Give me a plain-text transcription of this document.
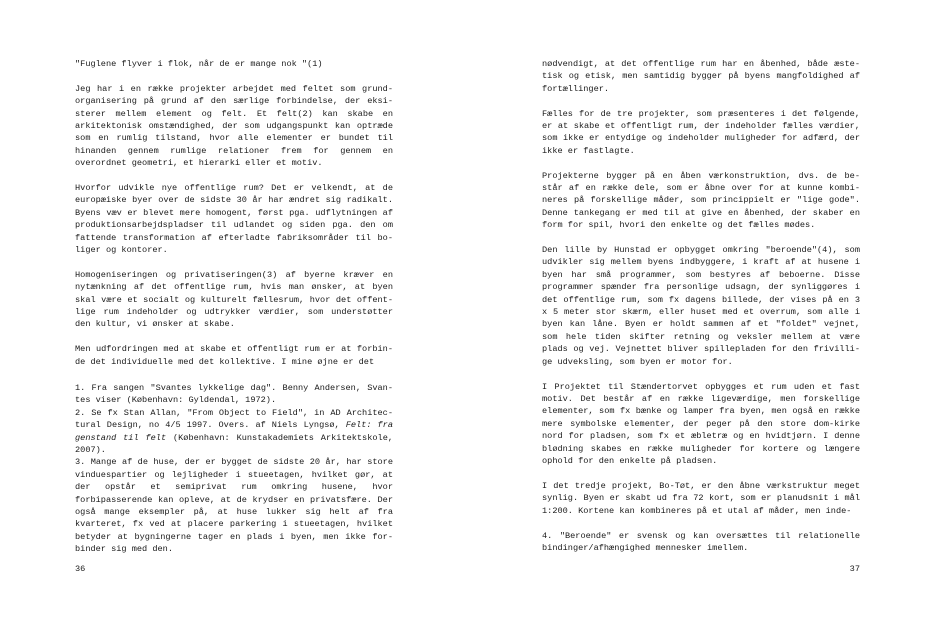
"Fuglene flyver i flok, når de er mange nok "(1)

Jeg har i en række projekter arbejdet med feltet som grund-organisering på grund af den særlige forbindelse, der eksi-sterer mellem element og felt. Et felt(2) kan skabe en arkitektonisk omstændighed, der som udgangspunkt kan optræde som en rumlig tilstand, hvor alle elementer er bundet til hinanden gennem rumlige relationer frem for gennem en overordnet geometri, et hierarki eller et motiv.

Hvorfor udvikle nye offentlige rum? Det er velkendt, at de europæiske byer over de sidste 30 år har ændret sig radikalt. Byens væv er blevet mere homogent, først pga. udflytningen af produktionsarbejdspladser til udlandet og siden pga. den om fattende transformation af efterladte fabriksområder til bo-liger og kontorer.

Homogeniseringen og privatiseringen(3) af byerne kræver en nytænkning af det offentlige rum, hvis man ønsker, at byen skal være et socialt og kulturelt fællesrum, hvor det offent-lige rum indeholder og udtrykker værdier, som understøtter den kultur, vi ønsker at skabe.

Men udfordringen med at skabe et offentligt rum er at forbin-de det individuelle med det kollektive. I mine øjne er det

1. Fra sangen "Svantes lykkelige dag". Benny Andersen, Svan-tes viser (København: Gyldendal, 1972).

2. Se fx Stan Allan, "From Object to Field", in AD Architec-tural Design, no 4/5 1997. Overs. af Niels Lyngsø, Felt: fra genstand til felt (København: Kunstakademiets Arkitektskole, 2007).

3. Mange af de huse, der er bygget de sidste 20 år, har store vinduespartier og lejligheder i stueetagen, hvilket gør, at der opstår et semiprivat rum omkring husene, hvor forbipasserende kan opleve, at de krydser en privatsfære. Der også mange eksempler på, at huse lukker sig helt af fra kvarteret, fx ved at placere parkering i stueetagen, hvilket betyder at bygningerne tager en plads i byen, men ikke for-binder sig med den.

36

nødvendigt, at det offentlige rum har en åbenhed, både æste-tisk og etisk, men samtidig bygger på byens mangfoldighed af fortællinger.

Fælles for de tre projekter, som præsenteres i det følgende, er at skabe et offentligt rum, der indeholder fælles værdier, som ikke er entydige og indeholder muligheder for adfærd, der ikke er fastlagte.

Projekterne bygger på en åben værkonstruktion, dvs. de be-står af en række dele, som er åbne over for at kunne kombi-neres på forskellige måder, som princippielt er "lige gode". Denne tankegang er med til at give en åbenhed, der skaber en form for spil, hvori den enkelte og det fælles mødes.

Den lille by Hunstad er opbygget omkring "beroende"(4), som udvikler sig mellem byens indbyggere, i kraft af at husene i byen har små programmer, som bestyres af beboerne. Disse programmer spænder fra personlige udsagn, der synliggøres i det offentlige rum, som fx dagens billede, der vises på en 3 x 5 meter stor skærm, eller huset med et overrum, som alle i byen kan låne. Byen er holdt sammen af et "foldet" vejnet, som hele tiden skifter retning og veksler mellem at være plads og vej. Vejnettet bliver spillepladen for den frivilli-ge udveksling, som byen er motor for.

I Projektet til Stændertorvet opbygges et rum uden et fast motiv. Det består af en række ligeværdige, men forskellige elementer, som fx bænke og lamper fra byen, men også en række mere symbolske elementer, der peger på den store dom-kirke nord for pladsen, som fx et æbletræ og en hvidtjørn. I denne blødning skabes en række muligheder for kortere og længere ophold for den enkelte på pladsen.

I det tredje projekt, Bo-Tøt, er den åbne værkstruktur meget synlig. Byen er skabt ud fra 72 kort, som er planudsnit i mål 1:200. Kortene kan kombineres på et utal af måder, men inde-

4. "Beroende" er svensk og kan oversættes til relationelle bindinger/afhængighed mennesker imellem.

37
